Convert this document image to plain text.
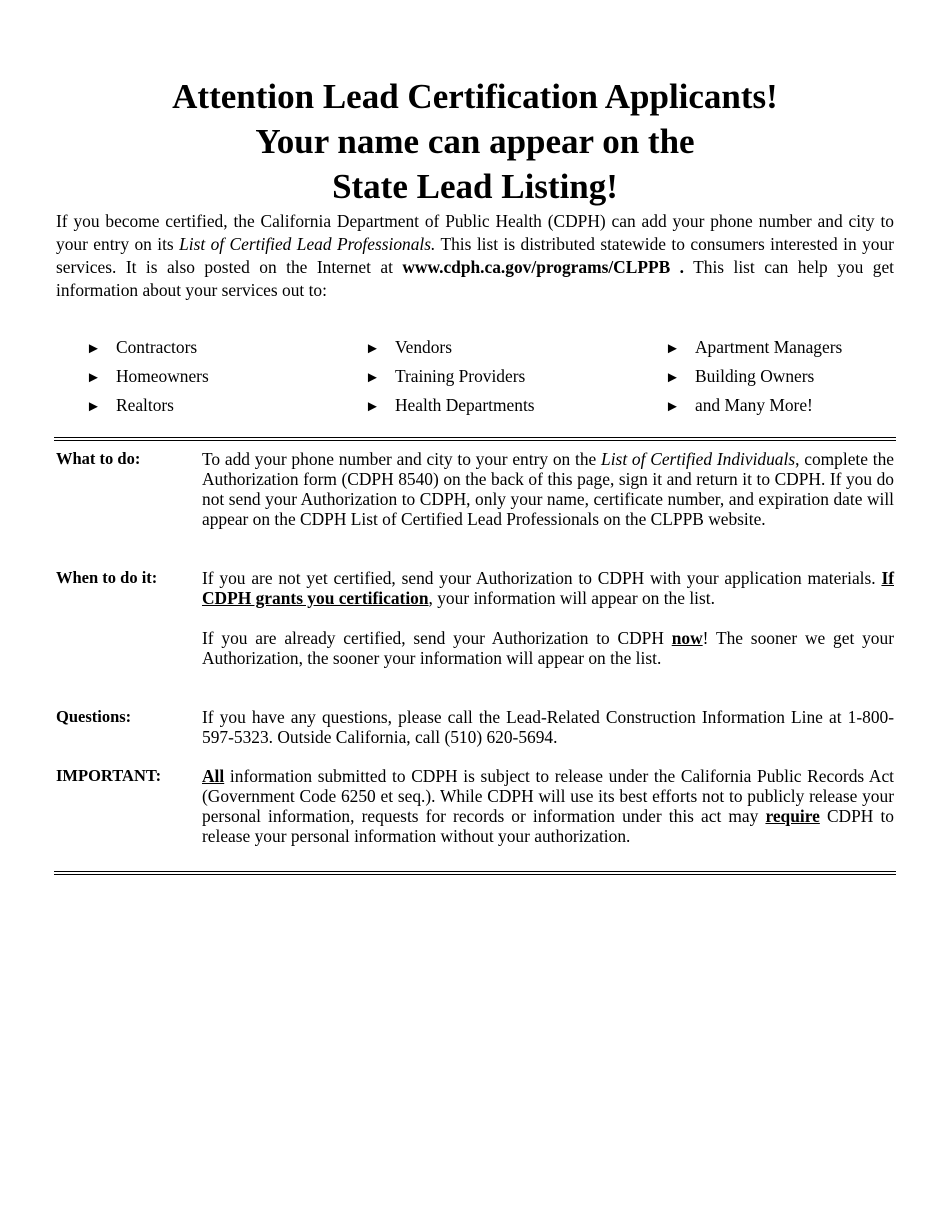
Attention Lead Certification Applicants!
Your name can appear on the
State Lead Listing!
If you become certified, the California Department of Public Health (CDPH) can add your phone number and city to your entry on its List of Certified Lead Professionals. This list is distributed statewide to consumers interested in your services. It is also posted on the Internet at www.cdph.ca.gov/programs/CLPPB . This list can help you get information about your services out to:
► Contractors
► Homeowners
► Realtors
► Vendors
► Training Providers
► Health Departments
► Apartment Managers
► Building Owners
► and Many More!
What to do:	To add your phone number and city to your entry on the List of Certified Individuals, complete the Authorization form (CDPH 8540) on the back of this page, sign it and return it to CDPH. If you do not send your Authorization to CDPH, only your name, certificate number, and expiration date will appear on the CDPH List of Certified Lead Professionals on the CLPPB website.
When to do it:	If you are not yet certified, send your Authorization to CDPH with your application materials. If CDPH grants you certification, your information will appear on the list.

If you are already certified, send your Authorization to CDPH now! The sooner we get your Authorization, the sooner your information will appear on the list.

Questions:	If you have any questions, please call the Lead-Related Construction Information Line at 1-800-597-5323. Outside California, call (510) 620-5694.
IMPORTANT: All information submitted to CDPH is subject to release under the California Public Records Act (Government Code 6250 et seq.). While CDPH will use its best efforts not to publicly release your personal information, requests for records or information under this act may require CDPH to release your personal information without your authorization.
